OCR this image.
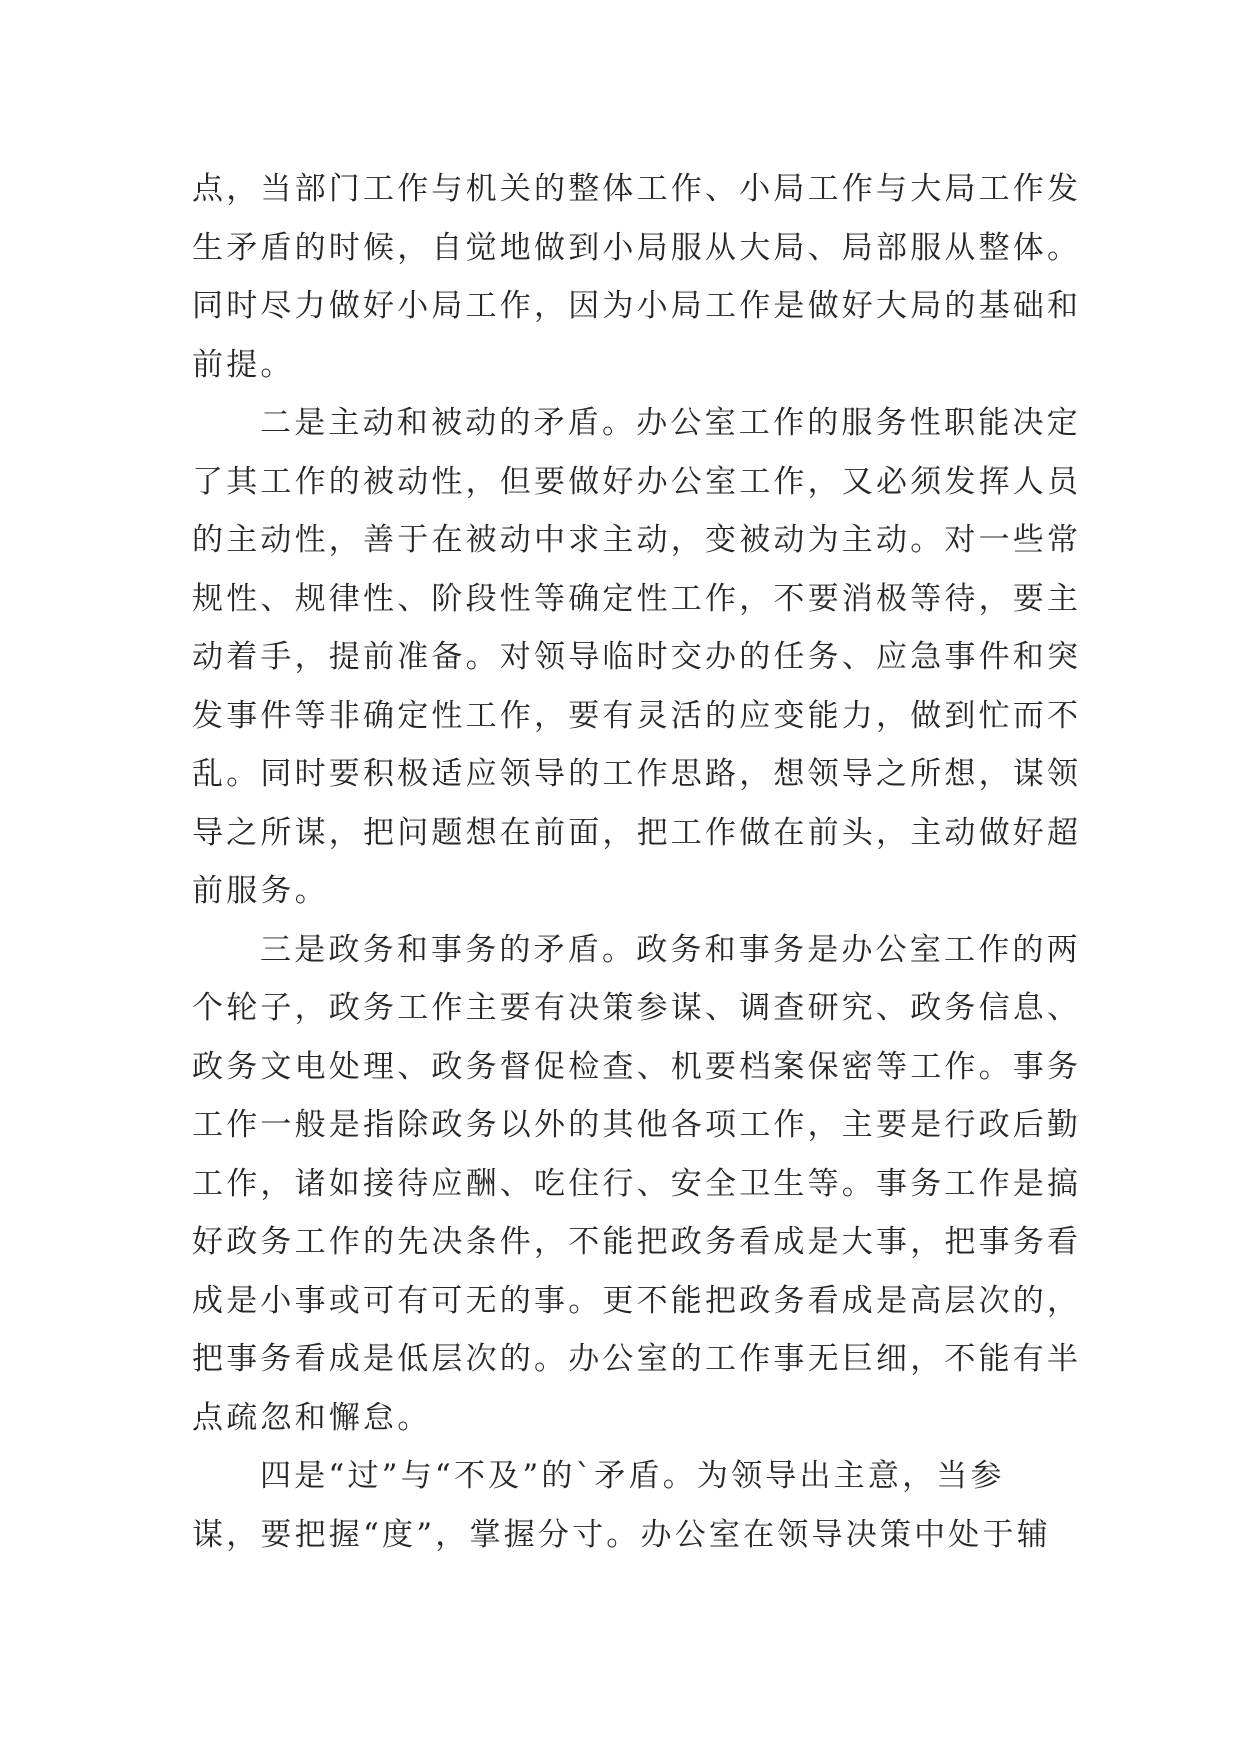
点，当部门工作与机关的整体工作、小局工作与大局工作发
生矛盾的时候，自觉地做到小局服从大局、局部服从整体。
同时尽力做好小局工作，因为小局工作是做好大局的基础和
前提。
二是主动和被动的矛盾。办公室工作的服务性职能决定
了其工作的被动性，但要做好办公室工作，又必须发挥人员
的主动性，善于在被动中求主动，变被动为主动。对一些常
规性、规律性、阶段性等确定性工作，不要消极等待，要主
动着手，提前准备。对领导临时交办的任务、应急事件和突
发事件等非确定性工作，要有灵活的应变能力，做到忙而不
乱。同时要积极适应领导的工作思路，想领导之所想，谋领
导之所谋，把问题想在前面，把工作做在前头，主动做好超
前服务。
三是政务和事务的矛盾。政务和事务是办公室工作的两
个轮子，政务工作主要有决策参谋、调查研究、政务信息、
政务文电处理、政务督促检查、机要档案保密等工作。事务
工作一般是指除政务以外的其他各项工作，主要是行政后勤
工作，诸如接待应酬、吃住行、安全卫生等。事务工作是搞
好政务工作的先决条件，不能把政务看成是大事，把事务看
成是小事或可有可无的事。更不能把政务看成是高层次的，
把事务看成是低层次的。办公室的工作事无巨细，不能有半
点疏忽和懈怠。
四是“过”与“不及”的`矛盾。为领导出主意，当参
谋，要把握“度”，掌握分寸。办公室在领导决策中处于辅
